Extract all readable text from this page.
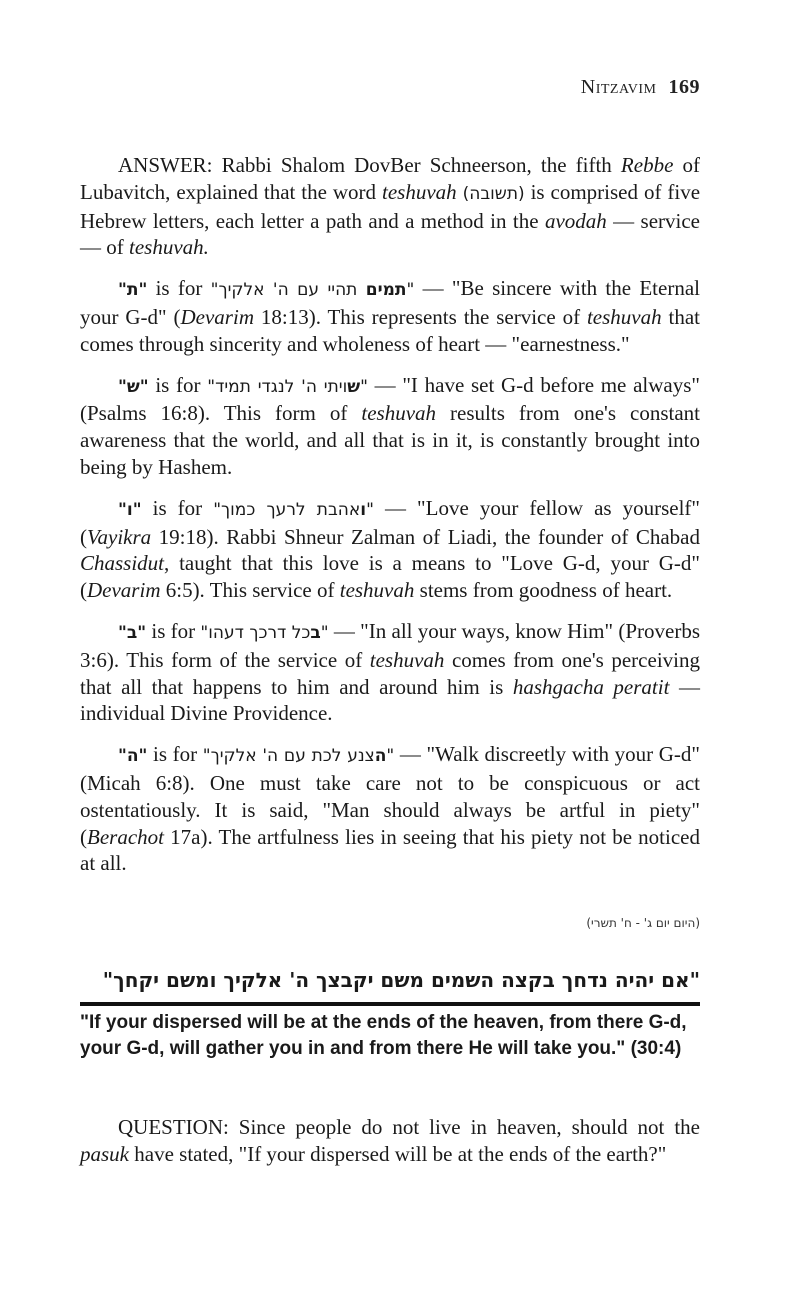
Nitzavim 169

ANSWER: Rabbi Shalom DovBer Schneerson, the fifth Rebbe of Lubavitch, explained that the word teshuvah (תשובה) is comprised of five Hebrew letters, each letter a path and a method in the avodah — service — of teshuvah.

"ת" is for	"תמים תהיי עם ה' אלקיך"	— "Be sincere with the Eternal your G-d" (Devarim 18:13). This represents the service of teshuvah that comes through sincerity and wholeness of heart — "earnestness."

"ש" is for	"שויתי ה' לנגדי תמיד"	— "I have set G-d before me always" (Psalms 16:8). This form of teshuvah results from one's constant awareness that the world, and all that is in it, is constantly brought into being by Hashem.

"ו" is for	"ואהבת לרעך כמוך"	— "Love your fellow as yourself" (Vayikra 19:18). Rabbi Shneur Zalman of Liadi, the founder of Chabad Chassidut, taught that this love is a means to "Love G-d, your G-d" (Devarim 6:5). This service of teshuvah stems from goodness of heart.

"ב" is for	"בכל דרכך דעהו"	— "In all your ways, know Him" (Proverbs 3:6). This form of the service of teshuvah comes from one's perceiving that all that happens to him and around him is hashgacha peratit — individual Divine Providence.

"ה" is for	"הצנע לכת עם ה' אלקיך"	— "Walk discreetly with your G-d" (Micah 6:8). One must take care not to be conspicuous or act ostentatiously. It is said, "Man should always be artful in piety" (Berachot 17a). The artfulness lies in seeing that his piety not be noticed at all.

(היום יום ג' - ח' תשרי)
"אם יהיה נדחך בקצה השמים משם יקבצך ה' אלקיך ומשם יקחך"
"If your dispersed will be at the ends of the heaven, from there G-d, your G-d, will gather you in and from there He will take you." (30:4)

QUESTION: Since people do not live in heaven, should not the pasuk have stated, "If your dispersed will be at the ends of the earth?"
